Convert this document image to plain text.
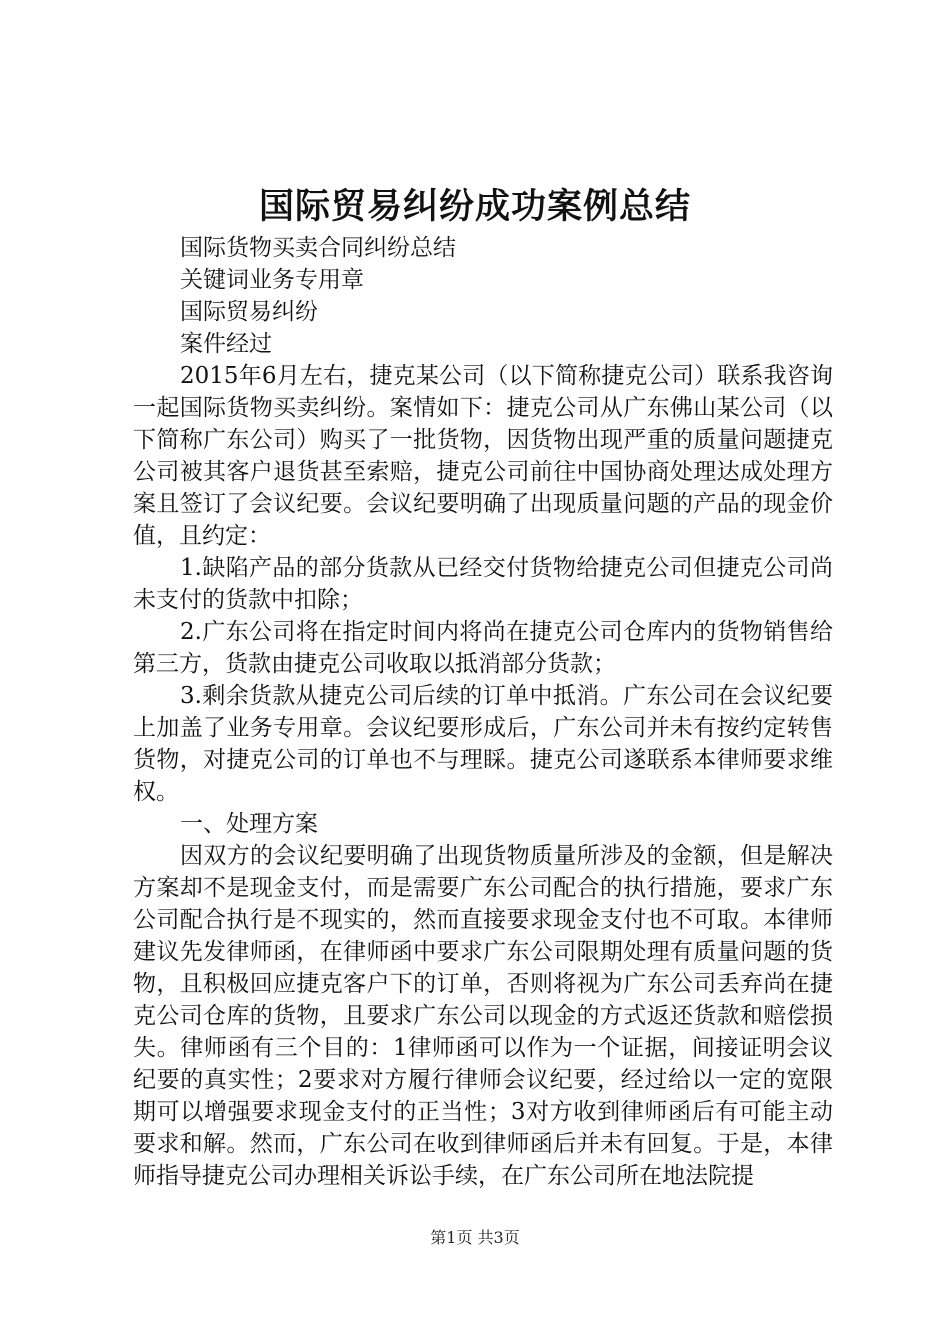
国际贸易纠纷成功案例总结

国际货物买卖合同纠纷总结

关键词业务专用章

国际贸易纠纷

案件经过

2015年6月左右，捷克某公司（以下简称捷克公司）联系我咨询一起国际货物买卖纠纷。案情如下：捷克公司从广东佛山某公司（以下简称广东公司）购买了一批货物，因货物出现严重的质量问题捷克公司被其客户退货甚至索赔，捷克公司前往中国协商处理达成处理方案且签订了会议纪要。会议纪要明确了出现质量问题的产品的现金价值，且约定：

1.缺陷产品的部分货款从已经交付货物给捷克公司但捷克公司尚未支付的货款中扣除；

2.广东公司将在指定时间内将尚在捷克公司仓库内的货物销售给第三方，货款由捷克公司收取以抵消部分货款；

3.剩余货款从捷克公司后续的订单中抵消。广东公司在会议纪要上加盖了业务专用章。会议纪要形成后，广东公司并未有按约定转售货物，对捷克公司的订单也不与理睬。捷克公司遂联系本律师要求维权。

一、处理方案

因双方的会议纪要明确了出现货物质量所涉及的金额，但是解决方案却不是现金支付，而是需要广东公司配合的执行措施，要求广东公司配合执行是不现实的，然而直接要求现金支付也不可取。本律师建议先发律师函，在律师函中要求广东公司限期处理有质量问题的货物，且积极回应捷克客户下的订单，否则将视为广东公司丢弃尚在捷克公司仓库的货物，且要求广东公司以现金的方式返还货款和赔偿损失。律师函有三个目的：1律师函可以作为一个证据，间接证明会议纪要的真实性；2要求对方履行律师会议纪要，经过给以一定的宽限期可以增强要求现金支付的正当性；3对方收到律师函后有可能主动要求和解。然而，广东公司在收到律师函后并未有回复。于是，本律师指导捷克公司办理相关诉讼手续，在广东公司所在地法院提

第1页 共3页
